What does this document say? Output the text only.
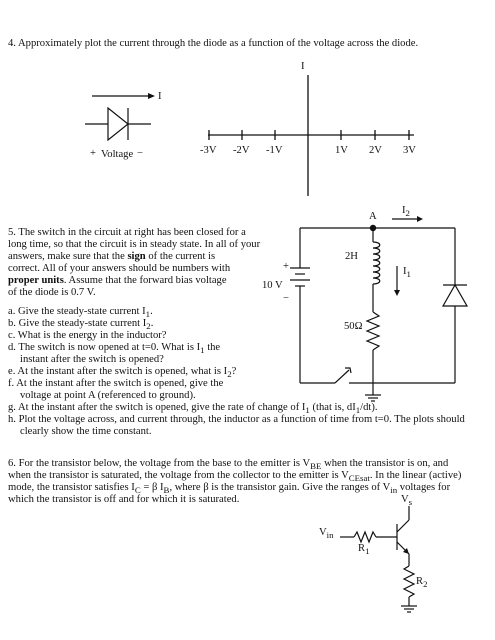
4. Approximately plot the current through the diode as a function of the voltage across the diode.
I
I
+ Voltage −	-3V -2V -1V	1V 2V 3V
5. The switch in the circuit at right has been closed for a
long time, so that the circuit is in steady state. In all of your
answers, make sure that the sign of the current is
correct. All of your answers should be numbers with
proper units. Assume that the forward bias voltage
of the diode is 0.7 V.
a. Give the steady-state current $I_1$.
b. Give the steady-state current $I_2$.
c. What is the energy in the inductor?
d. The switch is now opened at t=0. What is $I_1$ the
instant after the switch is opened?
e. At the instant after the switch is opened, what is $I_2$?
f. At the instant after the switch is opened, give the
voltage at point A (referenced to ground).
g. At the instant after the switch is opened, give the rate of change of $I_1$ (that is, $dI_1/dt$).
h. Plot the voltage across, and current through, the inductor as a function of time from t=0. The plots should
clearly show the time constant.
A
$I_2$
$I_1$
2H
50Ω
10 V
+
−
6. For the transistor below, the voltage from the base to the emitter is $V_{BE}$ when the transistor is on, and
when the transistor is saturated, the voltage from the collector to the emitter is $V_{CEsat}$. In the linear (active)
mode, the transistor satisfies $I_C = \beta$ $I_B$, where β is the transistor gain. Give the ranges of $V_{in}$ voltages for
which the transistor is off and for which it is saturated.	$V_s$
$V_{in}$
$R_1$
$R_2$
